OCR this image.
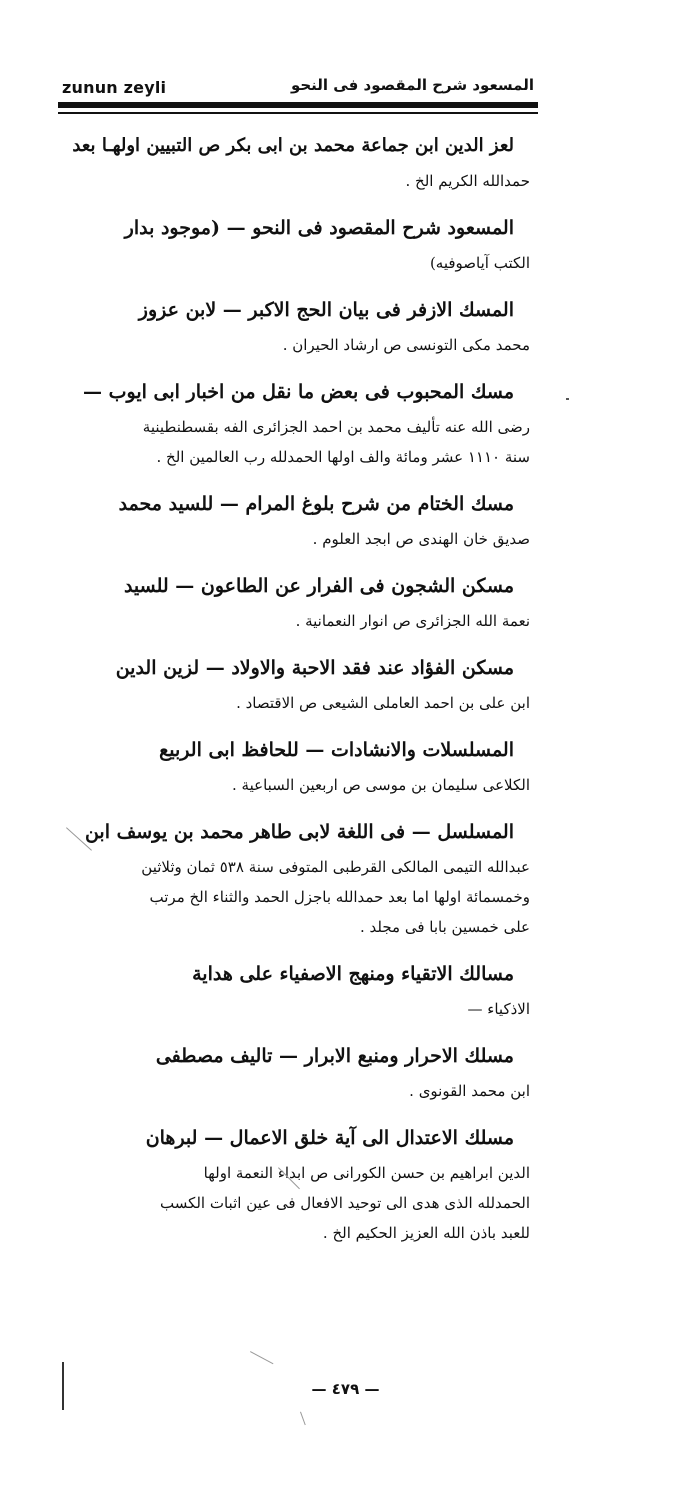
zunun zeyli	المسعود شرح المقصود فى النحو
لعز الدين ابن جماعة محمد بن ابى بكر ص التبيين اولهـا بعد
حمدالله الكريم الخ .
المسعود شرح المقصود فى النحو — (موجود بدار
الكتب آياصوفيه)
المسك الازفر فى بيان الحج الاكبر — لابن عزوز
محمد مكى التونسى ص ارشاد الحيران .
مسك المحبوب فى بعض ما نقل من اخبار ابى ايوب —
رضى الله عنه تأليف محمد بن احمد الجزائرى الفه بقسطنطينية
سنة ١١١٠ عشر ومائة والف اولها الحمدلله رب العالمين الخ .
مسك الختام من شرح بلوغ المرام — للسيد محمد
صديق خان الهندى ص ابجد العلوم .
مسكن الشجون فى الفرار عن الطاعون — للسيد
نعمة الله الجزائرى ص انوار النعمانية .
مسكن الفؤاد عند فقد الاحبة والاولاد — لزين الدين
ابن على بن احمد العاملى الشيعى ص الاقتصاد .
المسلسلات والانشادات — للحافظ ابى الربيع
الكلاعى سليمان بن موسى ص اربعين السباعية .
المسلسل — فى اللغة لابى طاهر محمد بن يوسف ابن
عبدالله التيمى المالكى القرطبى المتوفى سنة ٥٣٨ ثمان وثلاثين
وخمسمائة اولها اما بعد حمدالله باجزل الحمد والثناء الخ مرتب
على خمسين بابا فى مجلد .
مسالك الاتقياء ومنهج الاصفياء على هداية
الاذكياء —
مسلك الاحرار ومنبع الابرار — تاليف مصطفى
ابن محمد القونوى .
مسلك الاعتدال الى آية خلق الاعمال — لبرهان
الدين ابراهيم بن حسن الكورانى ص ابداء النعمة اولها
الحمدلله الذى هدى الى توحيد الافعال فى عين اثبات الكسب
للعبد باذن الله العزيز الحكيم الخ .
— ٤٧٩ —
